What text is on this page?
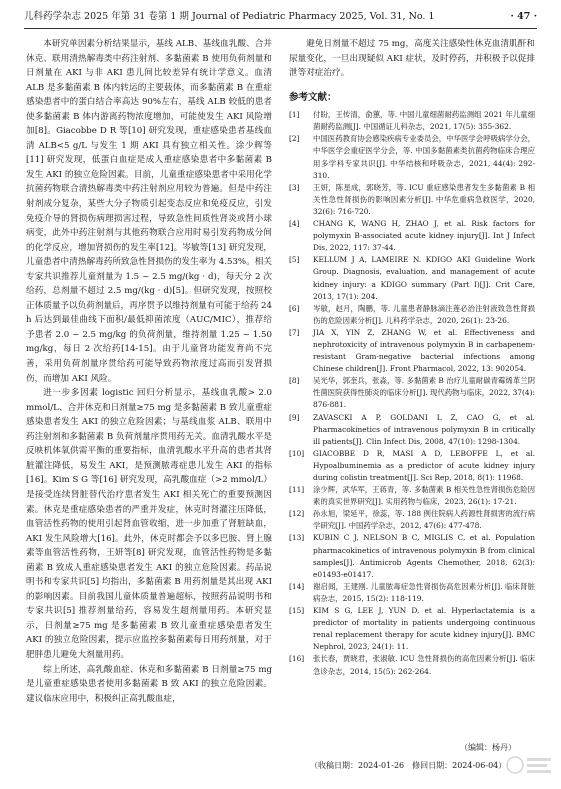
儿科药学杂志 2025 年第 31 卷第 1 期 Journal of Pediatric Pharmacy 2025, Vol. 31, No. 1	· 47 ·

本研究单因素分析结果显示，基线 ALB、基线血乳酸、合并休克、联用清热解毒类中药注射剂、多黏菌素 B 使用负荷剂量和日剂量在 AKI 与非 AKI 患儿间比较差异有统计学意义。血清 ALB 是多黏菌素 B 体内转运的主要载体，而多黏菌素 B 在重症感染患者中的蛋白结合率高达 90%左右，基线 ALB 较低的患者使多黏菌素 B 体内游离药物浓度增加，可能使发生 AKI 风险增加[8]。Giacobbe D R 等[10] 研究发现，重症感染患者基线血清 ALB<5 g/L 与发生 1 期 AKI 具有独立相关性。涂少辉等[11] 研究发现，低蛋白血症是成人重症感染患者中多黏菌素 B 发生 AKI 的独立危险因素。目前，儿童重症感染患者中采用化学抗菌药物联合清热解毒类中药注射剂应用较为普遍。但是中药注射剂成分复杂，某些大分子物质引起变态反应和免疫反应，引发免疫介导的肾损伤病理损害过程，导致急性间质性肾炎或肾小球病变，此外中药注射剂与其他药物联合应用时易引发药物成分间的化学反应，增加肾损伤的发生率[12]。岑敏等[13] 研究发现，儿童患者中清热解毒药所致急性肾损伤的发生率为 4.53%。相关专家共识推荐儿童剂量为 1.5 ~ 2.5 mg/(kg · d)，每天分 2 次给药，总剂量不超过 2.5 mg/(kg · d)[5]。但研究发现，按照校正体质量予以负荷剂量后，再序贯予以维持剂量有可能于给药 24 h 后达到最佳曲线下面积/最低抑菌浓度（AUC/MIC），推荐给予患者 2.0 ~ 2.5 mg/kg 的负荷剂量，维持剂量 1.25 ~ 1.50 mg/kg，每日 2 次给药[14-15]。由于儿童肾功能发育尚不完善，采用负荷剂量序贯给药可能导致药物浓度过高而引发肾损伤，而增加 AKI 风险。

进一步多因素 logistic 回归分析显示，基线血乳酸> 2.0 mmol/L、合并休克和日剂量≥75 mg 是多黏菌素 B 致儿童重症感染患者发生 AKI 的独立危险因素；与基线血浆 ALB、联用中药注射剂和多黏菌素 B 负荷剂量序贯用药无关。血清乳酸水平是反映机体氧供需平衡的重要指标，血清乳酸水平升高的患者其肾脏灌注降低，易发生 AKI，是预测脓毒症患儿发生 AKI 的指标[16]。Kim S G 等[16] 研究发现，高乳酸血症（>2 mmol/L）是接受连续肾脏替代治疗患者发生 AKI 相关死亡的重要预测因素。休克是重症感染患者的严重并发症，休克时肾灌注压降低，血管活性药物的使用引起肾血管收缩，进一步加重了肾脏缺血，AKI 发生风险增大[16]。此外，休克时都会予以多巴胺、肾上腺素等血管活性药物，王妍等[8] 研究发现，血管活性药物是多黏菌素 B 致成人重症感染患者发生 AKI 的独立危险因素。药品说明书和专家共识[5] 均指出，多黏菌素 B 用药剂量是其出现 AKI 的影响因素。目前我国儿童体质量普遍超标，按照药品说明书和专家共识[5] 推荐剂量给药，容易发生超剂量用药。本研究显示，日剂量≥75 mg 是多黏菌素 B 致儿童重症感染患者发生 AKI 的独立危险因素，提示应监控多黏菌素每日用药剂量，对于肥胖患儿避免大剂量用药。

综上所述，高乳酸血症、休克和多黏菌素 B 日剂量≥75 mg 是儿童重症感染患者使用多黏菌素 B 致 AKI 的独立危险因素。建议临床应用中，积极纠正高乳酸血症，

避免日剂量不超过 75 mg，高度关注感染性休克血清肌酐和尿量变化，一旦出现疑似 AKI 症状，及时停药，并积极予以促排泄等对症治疗。

参考文献：
[1]	付盼，王传清，俞蕙，等. 中国儿童细菌耐药监测组 2021 年儿童细菌耐药监测[J]. 中国循证儿科杂志，2021, 17(5): 355-362.
[2]	中国医药教育协会感染疾病专业委员会，中华医学会呼吸病学分会，中华医学会重症医学分会，等. 中国多黏菌素类抗菌药物临床合理应用多学科专家共识[J]. 中华结核和呼吸杂志，2021, 44(4): 292-310.
[3]	王妍，陈星成，郭晓芳，等. ICU 重症感染患者发生多黏菌素 B 相关性急性肾损伤的影响因素分析[J]. 中华危重病急救医学，2020, 32(6): 716-720.
[4]	CHANG K, WANG H, ZHAO J, et al. Risk factors for polymyxin B-associated acute kidney injury[J]. Int J Infect Dis, 2022, 117: 37-44.
[5]	KELLUM J A, LAMEIRE N. KDIGO AKI Guideline Work Group. Diagnosis, evaluation, and management of acute kidney injury: a KDIGO summary (Part I)[J]. Crit Care, 2013, 17(1): 204.
[6]	岑敏，赵月，陶鹏，等. 儿童患者静脉滴注莲必治注射液致急性肾损伤的危险因素分析[J]. 儿科药学杂志，2020, 26(1): 23-26.
[7]	JIA X, YIN Z, ZHANG W, et al. Effectiveness and nephrotoxicity of intravenous polymyxin B in carbapenem-resistant Gram-negative bacterial infections among Chinese children[J]. Front Pharmacol, 2022, 13: 902054.
[8]	吴光华，郭奎兵，张淼，等. 多黏菌素 B 治疗儿童耐碳青霉烯革兰阴性菌医院获得性肺炎的临床分析[J]. 现代药物与临床，2022, 37(4): 876-881.
[9]	ZAVASCKI A P, GOLDANI L Z, CAO G, et al. Pharmacokinetics of intravenous polymyxin B in critically ill patients[J]. Clin Infect Dis, 2008, 47(10): 1298-1304.
[10]	GIACOBBE D R, MASI A D, LEBOFFE L, et al. Hypoalbuminemia as a predictor of acute kidney injury during colistin treatment[J]. Sci Rep, 2018, 8(1): 11968.
[11]	涂少辉，武华军，王蒋青，等. 多黏菌素 B 相关性急性肾损伤危险因素的真实世界研究[J]. 实用药物与临床，2023, 26(1): 17-21.
[12]	孙永旭，梁延平，徐蕊，等. 188 例住院病人药源性肾损害的流行病学研究[J]. 中国药学杂志，2012, 47(6): 477-478.
[13]	KUBIN C J, NELSON B C, MIGLIS C, et al. Population pharmacokinetics of intravenous polymyxin B from clinical samples[J]. Antimicrob Agents Chemother, 2018, 62(3): e01493-e01417.
[14]	谢启闻，王建刚. 儿童脓毒症急性肾损伤高危因素分析[J]. 临床肾脏病杂志，2015, 15(2): 118-119.
[15]	KIM S G, LEE J, YUN D, et al. Hyperlactatemia is a predictor of mortality in patients undergoing continuous renal replacement therapy for acute kidney injury[J]. BMC Nephrol, 2023, 24(1): 11.
[16]	张长春，贾晓君，张淑敏. ICU 急性肾损伤的高危因素分析[J]. 临床急诊杂志，2014, 15(5): 262-264.
（编辑：杨丹）
（收稿日期：2024-01-26　修回日期：2024-06-04）
